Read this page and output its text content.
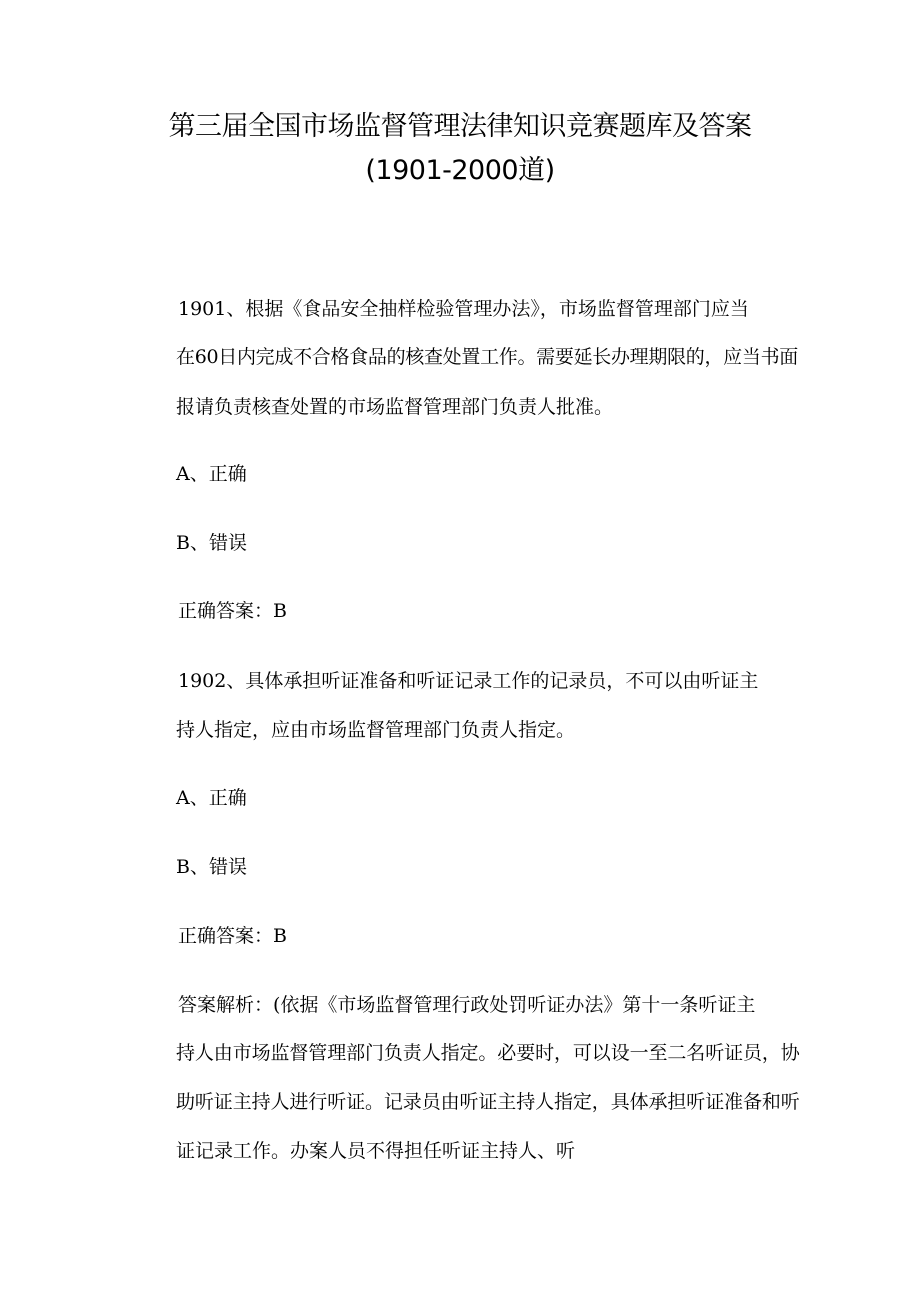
第三届全国市场监督管理法律知识竞赛题库及答案
(1901-2000道)
1901、根据《食品安全抽样检验管理办法》，市场监督管理部门应当
在60日内完成不合格食品的核查处置工作。需要延长办理期限的，应当书面
报请负责核查处置的市场监督管理部门负责人批准。
A、正确
B、错误
正确答案：B
1902、具体承担听证准备和听证记录工作的记录员，不可以由听证主
持人指定，应由市场监督管理部门负责人指定。
A、正确
B、错误
正确答案：B
答案解析：(依据《市场监督管理行政处罚听证办法》第十一条听证主
持人由市场监督管理部门负责人指定。必要时，可以设一至二名听证员，协
助听证主持人进行听证。记录员由听证主持人指定，具体承担听证准备和听
证记录工作。办案人员不得担任听证主持人、听
